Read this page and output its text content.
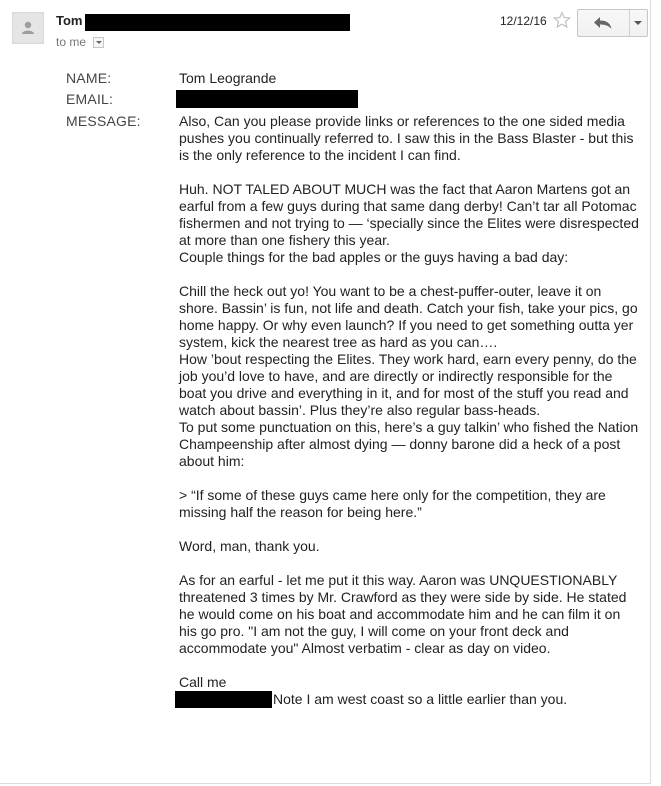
Tom
to me
12/12/16
NAME:	Tom Leogrande
EMAIL:
MESSAGE:	Also, Can you please provide links or references to the one sided media pushes you continually referred to. I saw this in the Bass Blaster - but this is the only reference to the incident I can find.

Huh. NOT TALED ABOUT MUCH was the fact that Aaron Martens got an earful from a few guys during that same dang derby! Can’t tar all Potomac fishermen and not trying to — ‘specially since the Elites were disrespected at more than one fishery this year.
Couple things for the bad apples or the guys having a bad day:

Chill the heck out yo! You want to be a chest-puffer-outer, leave it on shore. Bassin’ is fun, not life and death. Catch your fish, take your pics, go home happy. Or why even launch? If you need to get something outta yer system, kick the nearest tree as hard as you can….
How ’bout respecting the Elites. They work hard, earn every penny, do the job you’d love to have, and are directly or indirectly responsible for the boat you drive and everything in it, and for most of the stuff you read and watch about bassin’. Plus they’re also regular bass-heads.
To put some punctuation on this, here’s a guy talkin’ who fished the Nation Champeenship after almost dying — donny barone did a heck of a post about him:

> “If some of these guys came here only for the competition, they are missing half the reason for being here.”

Word, man, thank you.

As for an earful - let me put it this way. Aaron was UNQUESTIONABLY threatened 3 times by Mr. Crawford as they were side by side. He stated he would come on his boat and accommodate him and he can film it on his go pro. "I am not the guy, I will come on your front deck and accommodate you" Almost verbatim - clear as day on video.

Call me

Note I am west coast so a little earlier than you.
